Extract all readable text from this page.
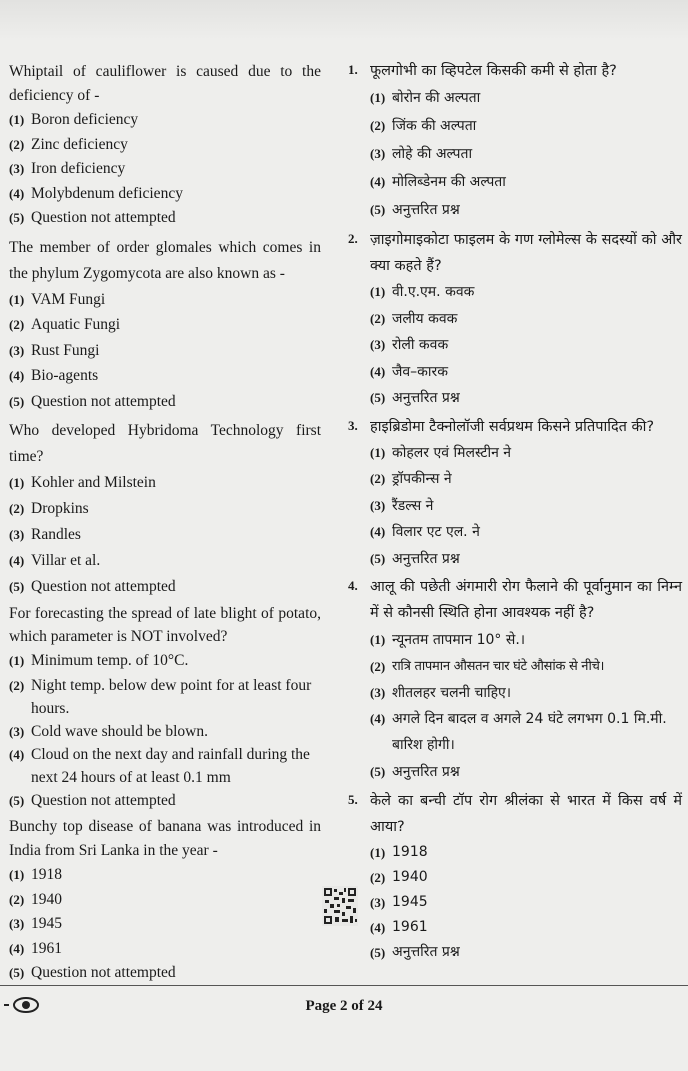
Whiptail of cauliflower is caused due to the deficiency of -

(1) Boron deficiency
(2) Zinc deficiency
(3) Iron deficiency
(4) Molybdenum deficiency
(5) Question not attempted

The member of order glomales which comes in the phylum Zygomycota are also known as -

(1) VAM Fungi
(2) Aquatic Fungi
(3) Rust Fungi
(4) Bio-agents
(5) Question not attempted

Who developed Hybridoma Technology first time?

(1) Kohler and Milstein
(2) Dropkins
(3) Randles
(4) Villar et al.
(5) Question not attempted

For forecasting the spread of late blight of potato, which parameter is NOT involved?

(1) Minimum temp. of 10°C.
(2) Night temp. below dew point for at least four hours.
(3) Cold wave should be blown.
(4) Cloud on the next day and rainfall during the next 24 hours of at least 0.1 mm
(5) Question not attempted

Bunchy top disease of banana was introduced in India from Sri Lanka in the year -

(1) 1918
(2) 1940
(3) 1945
(4) 1961
(5) Question not attempted
1. फूलगोभी का व्हिपटेल किसकी कमी से होता है?

(1) बोरोन की अल्पता
(2) जिंक की अल्पता
(3) लोहे की अल्पता
(4) मोलिब्डेनम की अल्पता
(5) अनुत्तरित प्रश्न
2. ज़ाइगोमाइकोटा फाइलम के गण ग्लोमेल्स के सदस्यों को और क्या कहते हैं?

(1) वी.ए.एम. कवक
(2) जलीय कवक
(3) रोली कवक
(4) जैव–कारक
(5) अनुत्तरित प्रश्न
3. हाइब्रिडोमा टैक्नोलॉजी सर्वप्रथम किसने प्रतिपादित की?

(1) कोहलर एवं मिलस्टीन ने
(2) ड्रॉपकीन्स ने
(3) रैंडल्स ने
(4) विलार एट एल. ने
(5) अनुत्तरित प्रश्न
4. आलू की पछेती अंगमारी रोग फैलाने की पूर्वानुमान का निम्न में से कौनसी स्थिति होना आवश्यक नहीं है?

(1) न्यूनतम तापमान 10° से.।
(2) रात्रि तापमान औसतन चार घंटे औसांक से नीचे।
(3) शीतलहर चलनी चाहिए।
(4) अगले दिन बादल व अगले 24 घंटे लगभग 0.1 मि.मी. बारिश होगी।
(5) अनुत्तरित प्रश्न
5. केले का बन्ची टॉप रोग श्रीलंका से भारत में किस वर्ष में आया?

(1) 1918
(2) 1940
(3) 1945
(4) 1961
(5) अनुत्तरित प्रश्न
Page 2 of 24
